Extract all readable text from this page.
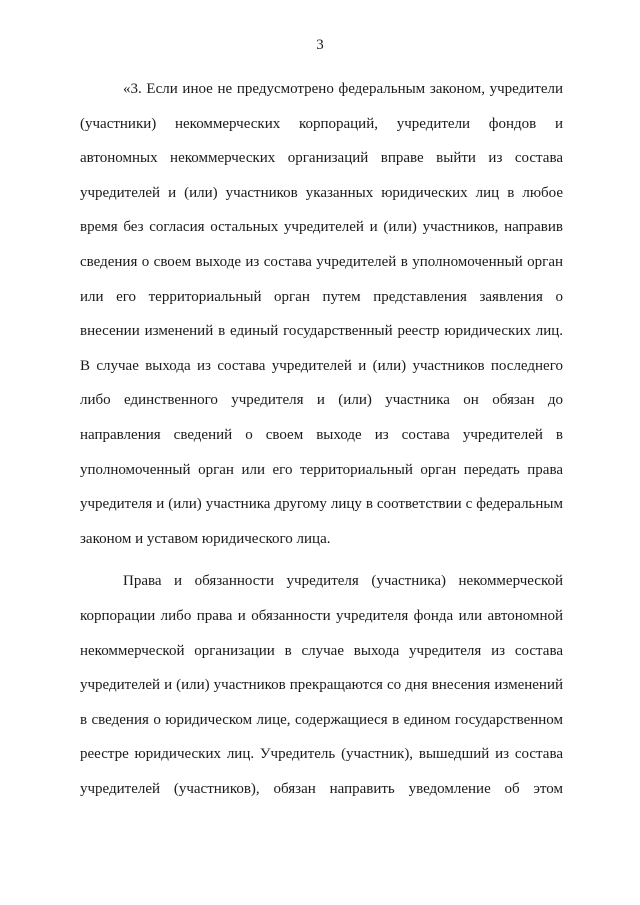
3

«3. Если иное не предусмотрено федеральным законом, учредители (участники) некоммерческих корпораций, учредители фондов и автономных некоммерческих организаций вправе выйти из состава учредителей и (или) участников указанных юридических лиц в любое время без согласия остальных учредителей и (или) участников, направив сведения о своем выходе из состава учредителей в уполномоченный орган или его территориальный орган путем представления заявления о внесении изменений в единый государственный реестр юридических лиц. В случае выхода из состава учредителей и (или) участников последнего либо единственного учредителя и (или) участника он обязан до направления сведений о своем выходе из состава учредителей в уполномоченный орган или его территориальный орган передать права учредителя и (или) участника другому лицу в соответствии с федеральным законом и уставом юридического лица.

Права и обязанности учредителя (участника) некоммерческой корпорации либо права и обязанности учредителя фонда или автономной некоммерческой организации в случае выхода учредителя из состава учредителей и (или) участников прекращаются со дня внесения изменений в сведения о юридическом лице, содержащиеся в едином государственном реестре юридических лиц. Учредитель (участник), вышедший из состава учредителей (участников), обязан направить уведомление об этом
